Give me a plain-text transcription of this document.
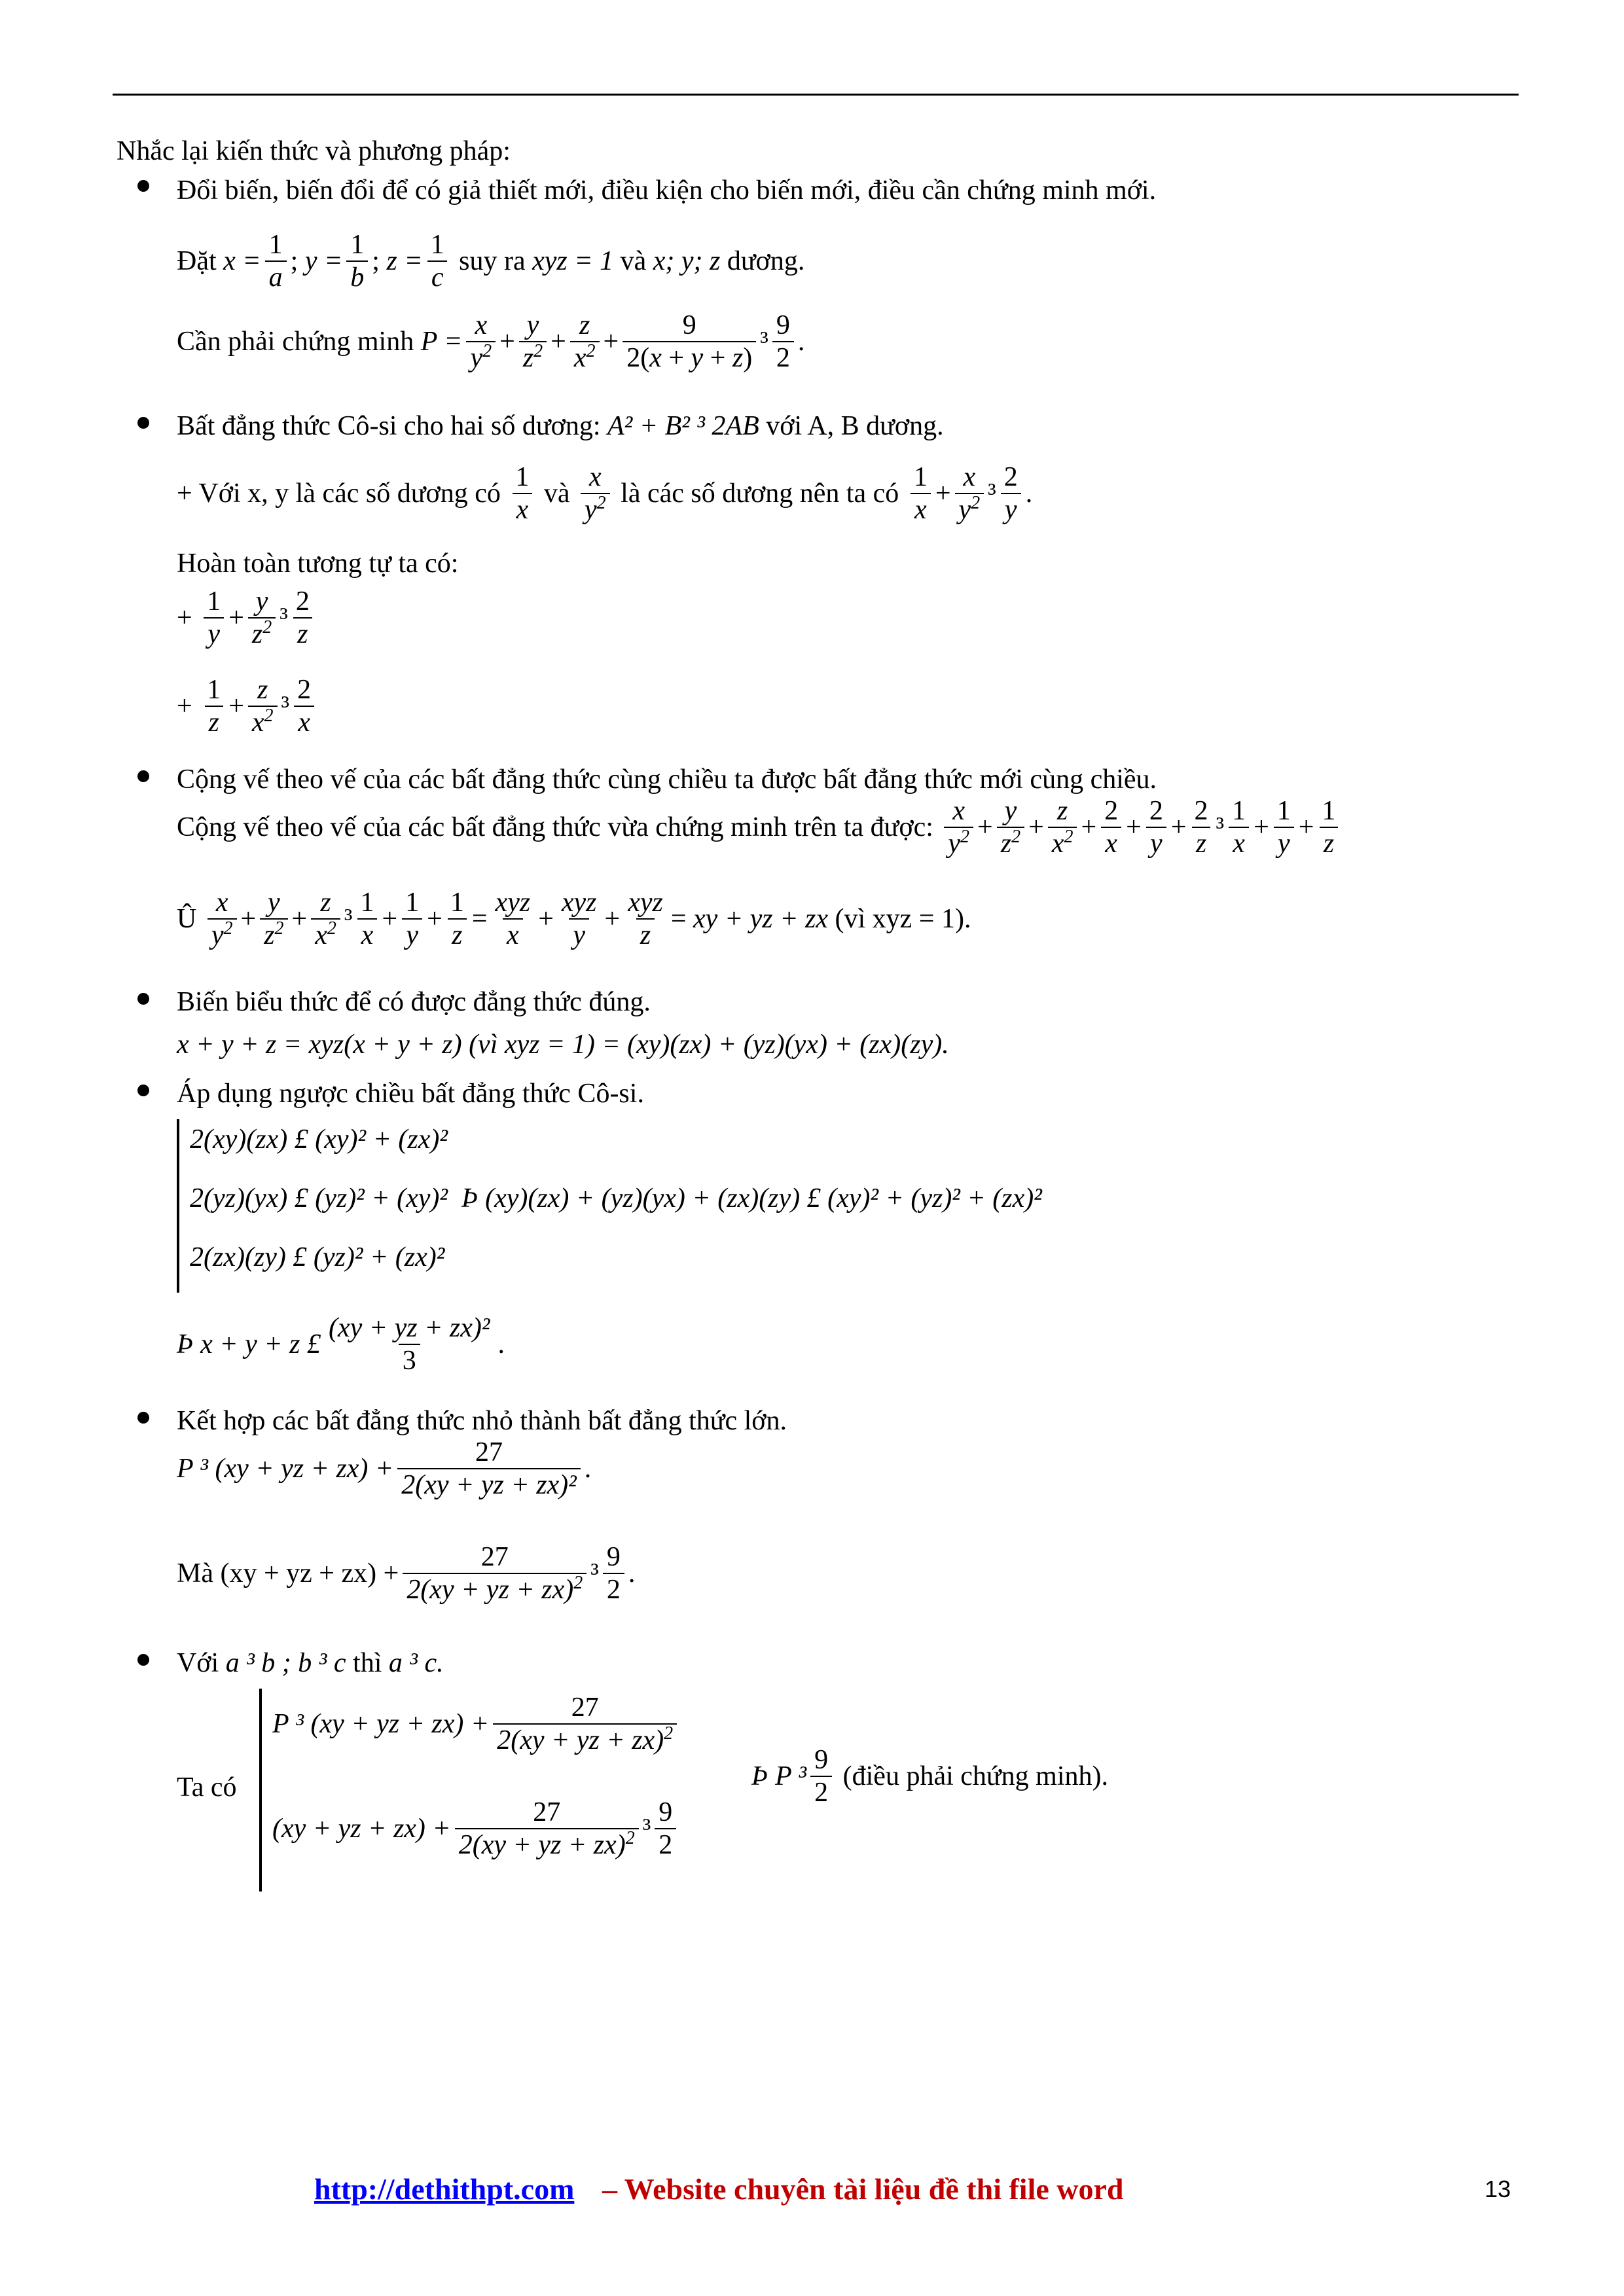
Nhắc lại kiến thức và phương pháp:
Đổi biến, biến đổi để có giả thiết mới, điều kiện cho biến mới, điều cần chứng minh mới.
Đặt
$x = \frac{1}{a}$ ; $y = \frac{1}{b}$ ; $z = \frac{1}{c}$
suy ra
xyz = 1
và
x; y; z
dương.
Cần phải chứng minh
$P = \frac{x}{y^2} + \frac{y}{z^2} + \frac{z}{x^2} + \frac{9}{2(x + y + z)} ^3 \frac{9}{2}$ .
Bất đẳng thức Cô-si cho hai số dương:
A² + B² ³ 2AB
với A, B dương.
+ Với x, y là các số dương có
$\frac{1}{x}$
và
$\frac{x}{y^2}$
là các số dương nên ta có
$\frac{1}{x} + \frac{x}{y^2} ^3 \frac{2}{y}$ .
Hoàn toàn tương tự ta có:
+ $\frac{1}{y} + \frac{y}{z^2} ^3 \frac{2}{z}$
+ $\frac{1}{z} + \frac{z}{x^2} ^3 \frac{2}{x}$
Cộng vế theo vế của các bất đẳng thức cùng chiều ta được bất đẳng thức mới cùng chiều.
Cộng vế theo vế của các bất đẳng thức vừa chứng minh trên ta được:
$\frac{x}{y^2} + \frac{y}{z^2} + \frac{z}{x^2} + \frac{2}{x} + \frac{2}{y} + \frac{2}{z} ^3 \frac{1}{x} + \frac{1}{y} + \frac{1}{z}$
Û $\frac{x}{y^2} + \frac{y}{z^2} + \frac{z}{x^2} ^3 \frac{1}{x} + \frac{1}{y} + \frac{1}{z} = \frac{\text{xyz}}{x} + \frac{\text{xyz}}{y} + \frac{\text{xyz}}{z}$ = xy + yz + zx
(vì xyz = 1).
Biến biểu thức để có được đẳng thức đúng.
x + y + z = xyz(x + y + z) (vì xyz = 1) = (xy)(zx) + (yz)(yx) + (zx)(zy).
Áp dụng ngược chiều bất đẳng thức Cô-si.
2(xy)(zx) £ (xy)² + (zx)²
2(yz)(yx) £ (yz)² + (xy)²
Þ (xy)(zx) + (yz)(yx) + (zx)(zy) £ (xy)² + (yz)² + (zx)²
2(zx)(zy) £ (yz)² + (zx)²
Þ x + y + z £ $\frac{\text{(xy + yz + zx)²}}{3}$ .
Kết hợp các bất đẳng thức nhỏ thành bất đẳng thức lớn.
P ³ (xy + yz + $zx) + \frac{27}{\text{2(xy + yz + zx)²}}$ .
Mà (xy + yz + $zx) + \frac{27}{2(xy + yz + zx)^2} ^3 \frac{9}{2}$ .
Với
a ³ b ; b ³ c
thì
a ³ c.
Ta có
P ³ (xy + yz + $zx) + \frac{27}{2(xy + yz + zx)^2}$
(xy + yz + $zx) + \frac{27}{2(xy + yz + zx)^2} ^3 \frac{9}{2}$
Þ P $^3 \frac{9}{2}$
(điều phải chứng minh).
http://dethithpt.com – Website chuyên tài liệu đề thi file word	13
